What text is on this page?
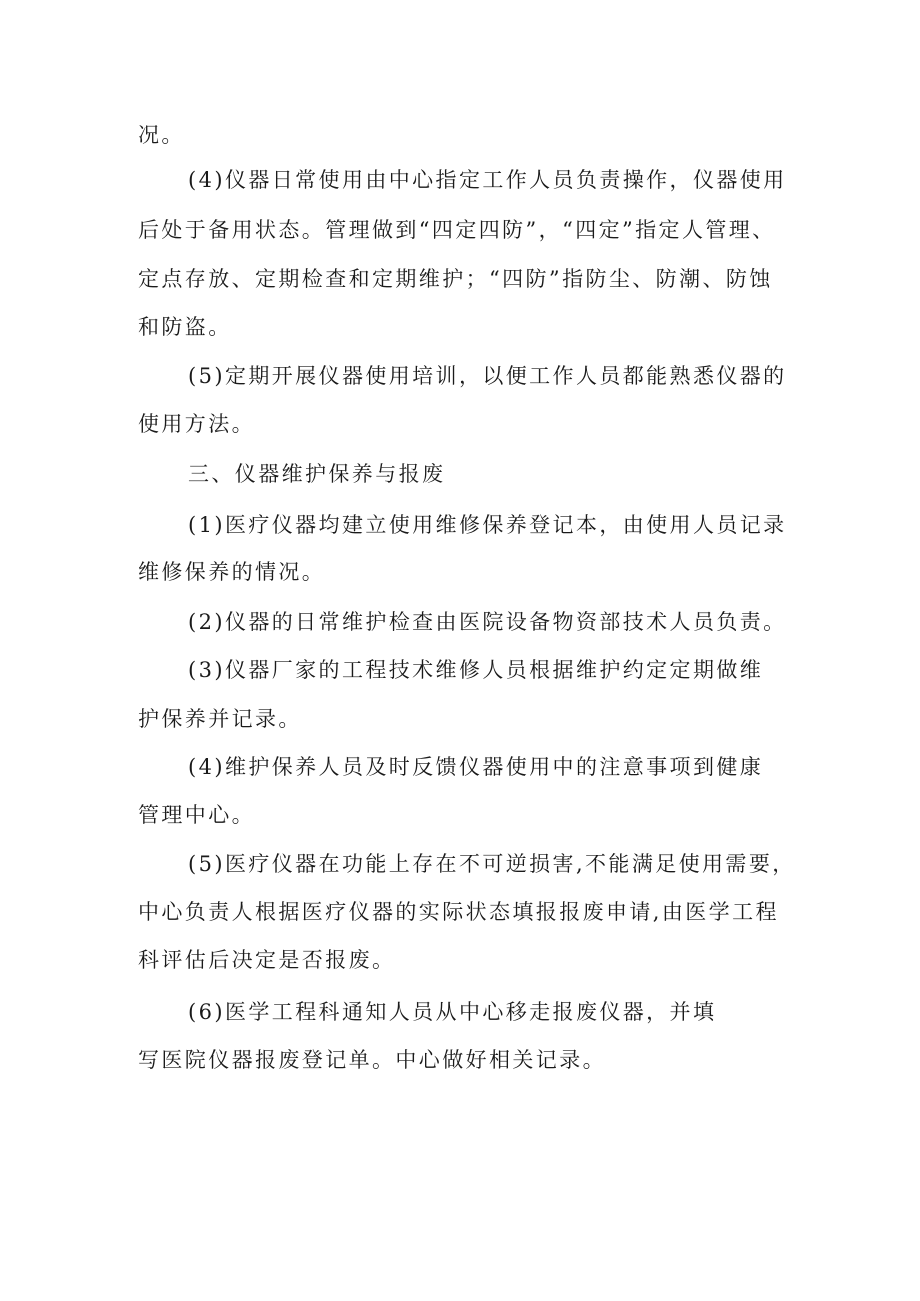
况。
(4)仪器日常使用由中心指定工作人员负责操作，仪器使用
后处于备用状态。管理做到“四定四防”，“四定”指定人管理、
定点存放、定期检查和定期维护；“四防”指防尘、防潮、防蚀
和防盗。
(5)定期开展仪器使用培训，以便工作人员都能熟悉仪器的
使用方法。
三、仪器维护保养与报废
(1)医疗仪器均建立使用维修保养登记本，由使用人员记录
维修保养的情况。
(2)仪器的日常维护检查由医院设备物资部技术人员负责。
(3)仪器厂家的工程技术维修人员根据维护约定定期做维
护保养并记录。
(4)维护保养人员及时反馈仪器使用中的注意事项到健康
管理中心。
(5)医疗仪器在功能上存在不可逆损害,不能满足使用需要，
中心负责人根据医疗仪器的实际状态填报报废申请,由医学工程
科评估后决定是否报废。
(6)医学工程科通知人员从中心移走报废仪器，并填
写医院仪器报废登记单。中心做好相关记录。
